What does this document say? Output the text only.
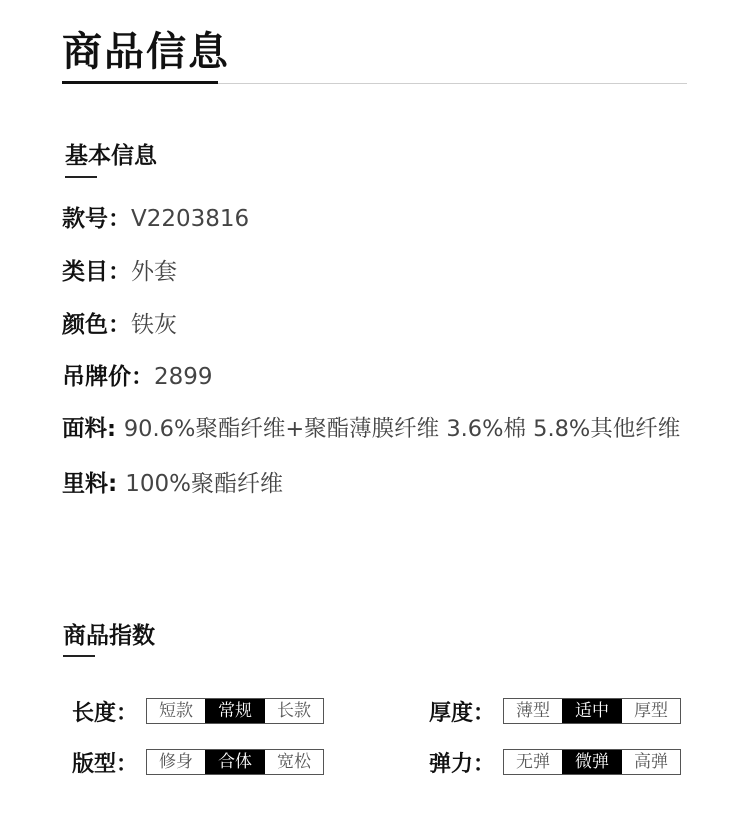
商品信息
基本信息
款号：V2203816
类目：外套
颜色：铁灰
吊牌价：2899
面料: 90.6%聚酯纤维+聚酯薄膜纤维 3.6%棉 5.8%其他纤维
里料: 100%聚酯纤维
商品指数
长度：	短款	常规	长款	厚度：	薄型	适中	厚型
版型：	修身	合体	宽松	弹力：	无弹	微弹	高弹
